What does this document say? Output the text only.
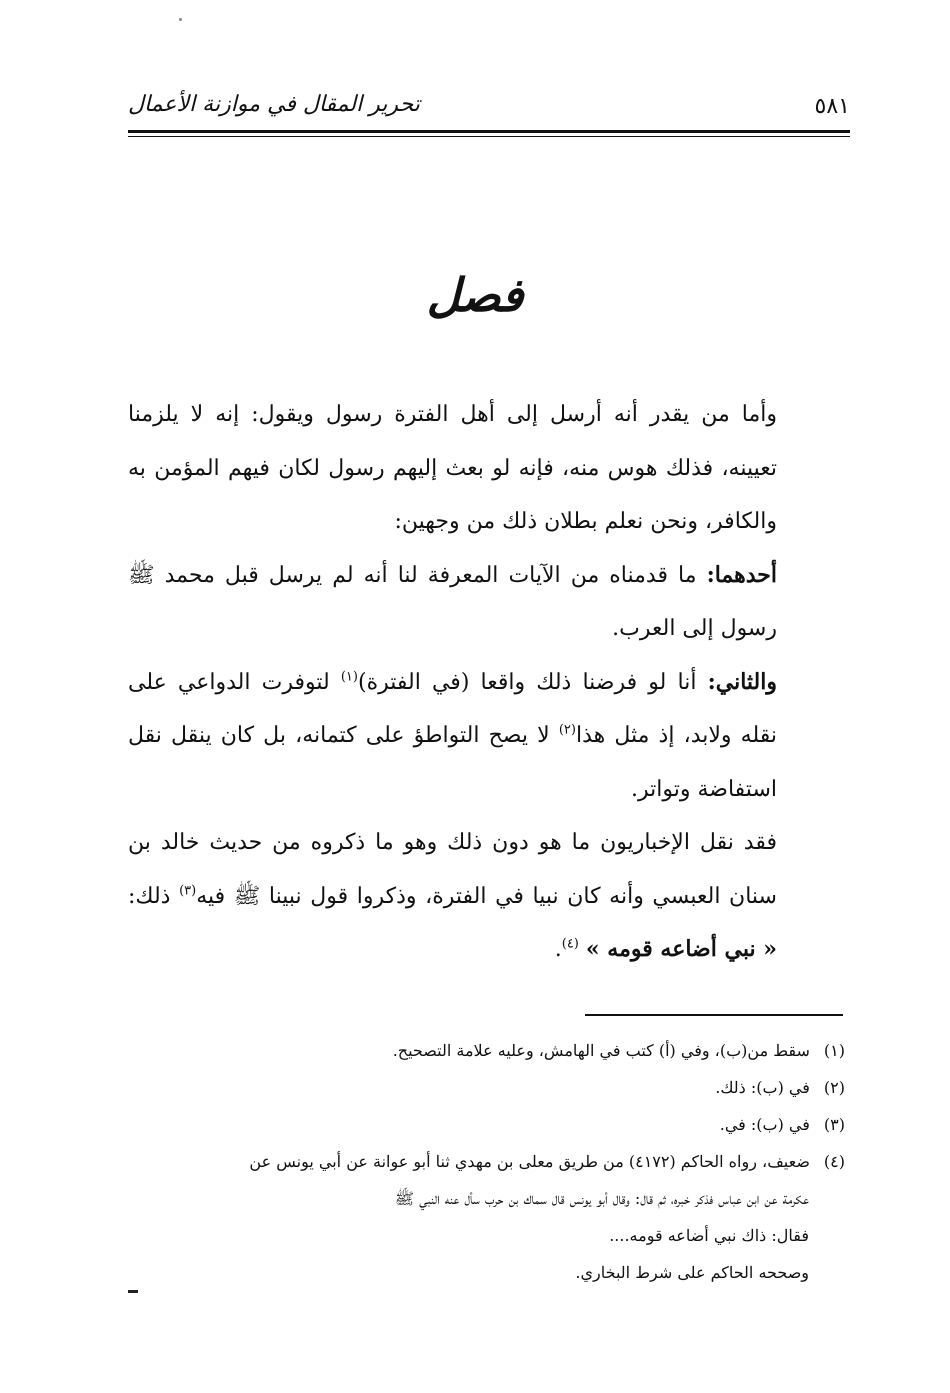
٥٨١
تحرير المقال في موازنة الأعمال
فصل

وأما من يقدر أنه أرسل إلى أهل الفترة رسول ويقول: إنه لا يلزمنا تعيينه، فذلك هوس منه، فإنه لو بعث إليهم رسول لكان فيهم المؤمن به والكافر، ونحن نعلم بطلان ذلك من وجهين:

أحدهما: ما قدمناه من الآيات المعرفة لنا أنه لم يرسل قبل محمد ﷺ رسول إلى العرب.

والثاني: أنا لو فرضنا ذلك واقعا (في الفترة)$^{(١)}$ لتوفرت الدواعي على نقله ولابد، إذ مثل هذا$^{(٢)}$ لا يصح التواطؤ على كتمانه، بل كان ينقل نقل استفاضة وتواتر.

فقد نقل الإخباريون ما هو دون ذلك وهو ما ذكروه من حديث خالد بن سنان العبسي وأنه كان نبيا في الفترة، وذكروا قول نبينا ﷺ فيه$^{(٣)}$ ذلك: « نبي أضاعه قومه » $^{(٤)}$.

(١) سقط من(ب)، وفي (أ) كتب في الهامش، وعليه علامة التصحيح.

(٢) في (ب): ذلك.

(٣) في (ب): في.

(٤) ضعيف، رواه الحاكم (٤١٧٢) من طريق معلى بن مهدي ثنا أبو عوانة عن أبي يونس عن

عكرمة عن ابن عباس فذكر خبره، ثم قال: وقال أبو يونس قال سماك بن حرب سأل عنه النبي ﷺ

فقال: ذاك نبي أضاعه قومه....

وصححه الحاكم على شرط البخاري.
